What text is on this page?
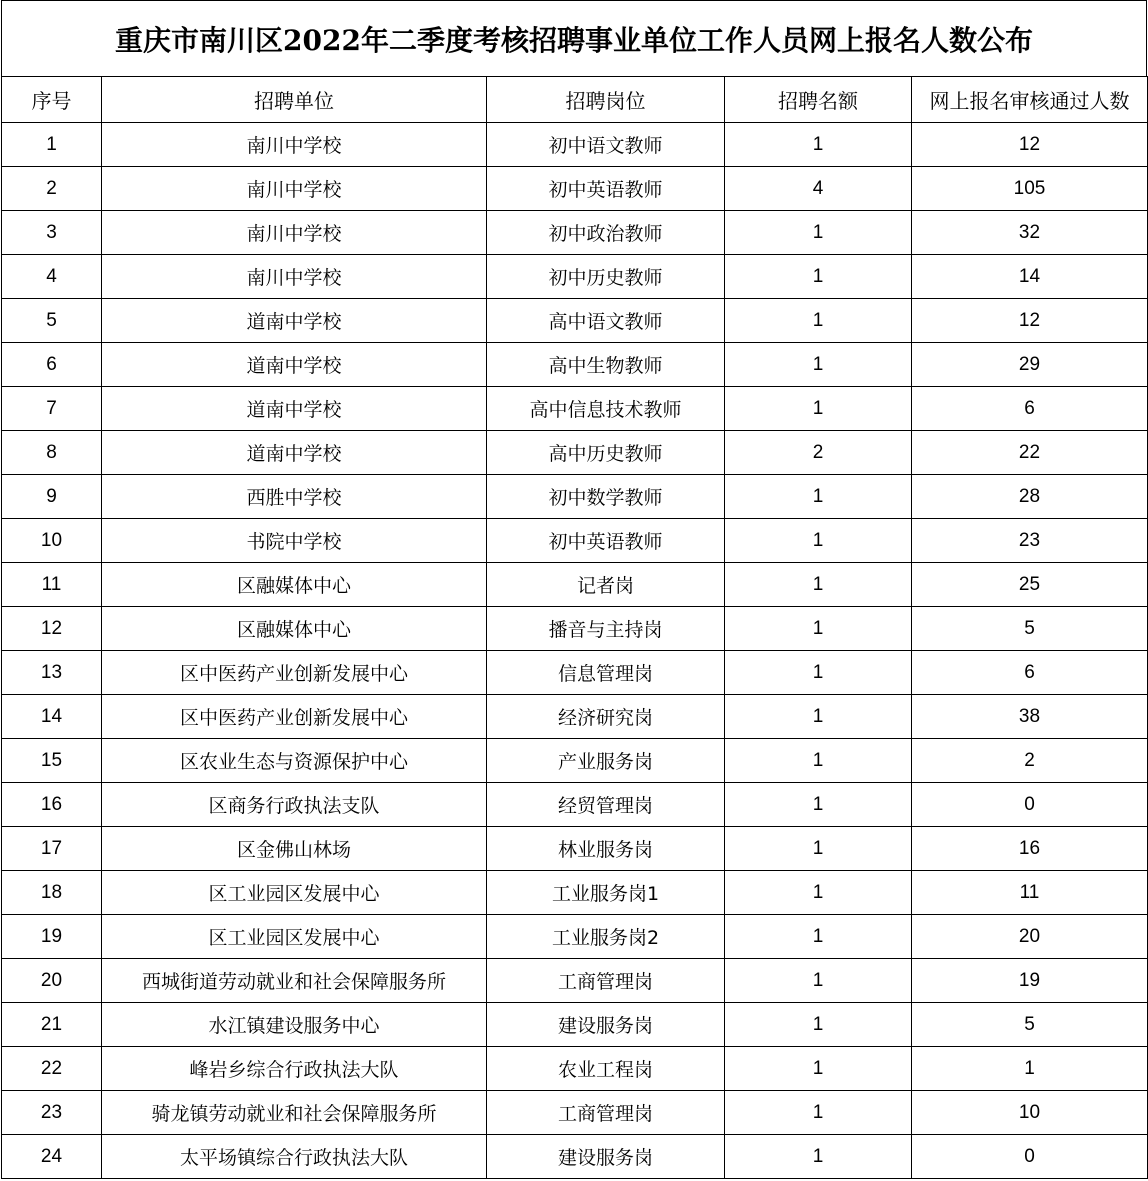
重庆市南川区2022年二季度考核招聘事业单位工作人员网上报名人数公布
序号	招聘单位	招聘岗位	招聘名额	网上报名审核通过人数
1	南川中学校	初中语文教师	1	12
2	南川中学校	初中英语教师	4	105
3	南川中学校	初中政治教师	1	32
4	南川中学校	初中历史教师	1	14
5	道南中学校	高中语文教师	1	12
6	道南中学校	高中生物教师	1	29
7	道南中学校	高中信息技术教师	1	6
8	道南中学校	高中历史教师	2	22
9	西胜中学校	初中数学教师	1	28
10	书院中学校	初中英语教师	1	23
11	区融媒体中心	记者岗	1	25
12	区融媒体中心	播音与主持岗	1	5
13	区中医药产业创新发展中心	信息管理岗	1	6
14	区中医药产业创新发展中心	经济研究岗	1	38
15	区农业生态与资源保护中心	产业服务岗	1	2
16	区商务行政执法支队	经贸管理岗	1	0
17	区金佛山林场	林业服务岗	1	16
18	区工业园区发展中心	工业服务岗1	1	11
19	区工业园区发展中心	工业服务岗2	1	20
20	西城街道劳动就业和社会保障服务所	工商管理岗	1	19
21	水江镇建设服务中心	建设服务岗	1	5
22	峰岩乡综合行政执法大队	农业工程岗	1	1
23	骑龙镇劳动就业和社会保障服务所	工商管理岗	1	10
24	太平场镇综合行政执法大队	建设服务岗	1	0
